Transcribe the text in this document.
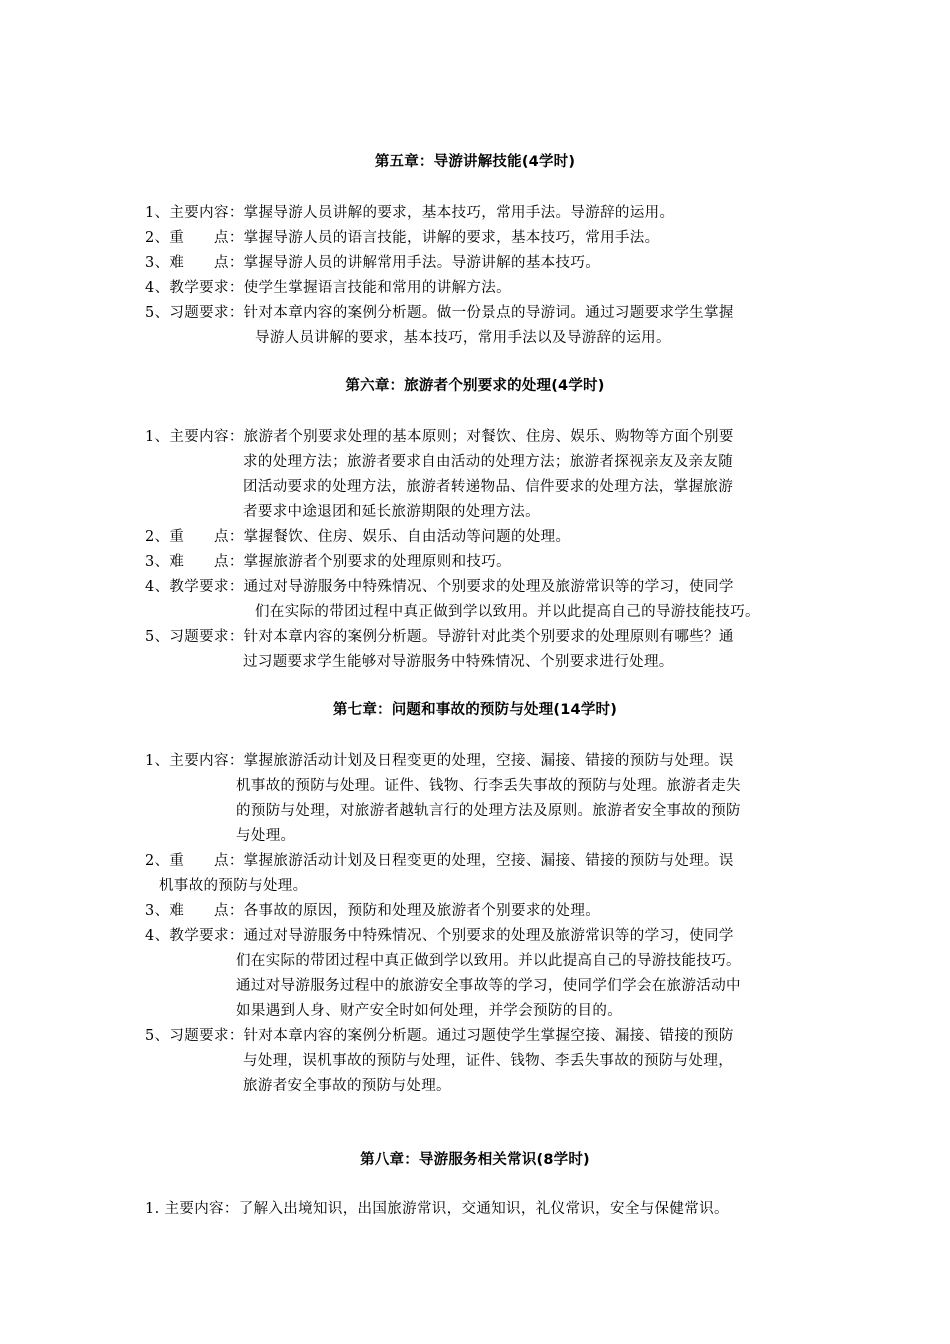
第五章：导游讲解技能(4学时)
1、主要内容：掌握导游人员讲解的要求，基本技巧，常用手法。导游辞的运用。
2、重　　点：掌握导游人员的语言技能，讲解的要求，基本技巧，常用手法。
3、难　　点：掌握导游人员的讲解常用手法。导游讲解的基本技巧。
4、教学要求：使学生掌握语言技能和常用的讲解方法。
5、习题要求：针对本章内容的案例分析题。做一份景点的导游词。通过习题要求学生掌握
导游人员讲解的要求，基本技巧，常用手法以及导游辞的运用。
第六章：旅游者个别要求的处理(4学时)
1、主要内容：旅游者个别要求处理的基本原则；对餐饮、住房、娱乐、购物等方面个别要
求的处理方法；旅游者要求自由活动的处理方法；旅游者探视亲友及亲友随
团活动要求的处理方法，旅游者转递物品、信件要求的处理方法，掌握旅游
者要求中途退团和延长旅游期限的处理方法。
2、重　　点：掌握餐饮、住房、娱乐、自由活动等问题的处理。
3、难　　点：掌握旅游者个别要求的处理原则和技巧。
4、教学要求：通过对导游服务中特殊情况、个别要求的处理及旅游常识等的学习，使同学
们在实际的带团过程中真正做到学以致用。并以此提高自己的导游技能技巧。
5、习题要求：针对本章内容的案例分析题。导游针对此类个别要求的处理原则有哪些？通
过习题要求学生能够对导游服务中特殊情况、个别要求进行处理。
第七章：问题和事故的预防与处理(14学时)
1、主要内容：掌握旅游活动计划及日程变更的处理，空接、漏接、错接的预防与处理。误
机事故的预防与处理。证件、钱物、行李丢失事故的预防与处理。旅游者走失
的预防与处理，对旅游者越轨言行的处理方法及原则。旅游者安全事故的预防
与处理。
2、重　　点：掌握旅游活动计划及日程变更的处理，空接、漏接、错接的预防与处理。误
机事故的预防与处理。
3、难　　点：各事故的原因，预防和处理及旅游者个别要求的处理。
4、教学要求：通过对导游服务中特殊情况、个别要求的处理及旅游常识等的学习，使同学
们在实际的带团过程中真正做到学以致用。并以此提高自己的导游技能技巧。
通过对导游服务过程中的旅游安全事故等的学习，使同学们学会在旅游活动中
如果遇到人身、财产安全时如何处理，并学会预防的目的。
5、习题要求：针对本章内容的案例分析题。通过习题使学生掌握空接、漏接、错接的预防
与处理，误机事故的预防与处理，证件、钱物、李丢失事故的预防与处理，
旅游者安全事故的预防与处理。
第八章：导游服务相关常识(8学时)
1. 主要内容：了解入出境知识，出国旅游常识，交通知识，礼仪常识，安全与保健常识。
